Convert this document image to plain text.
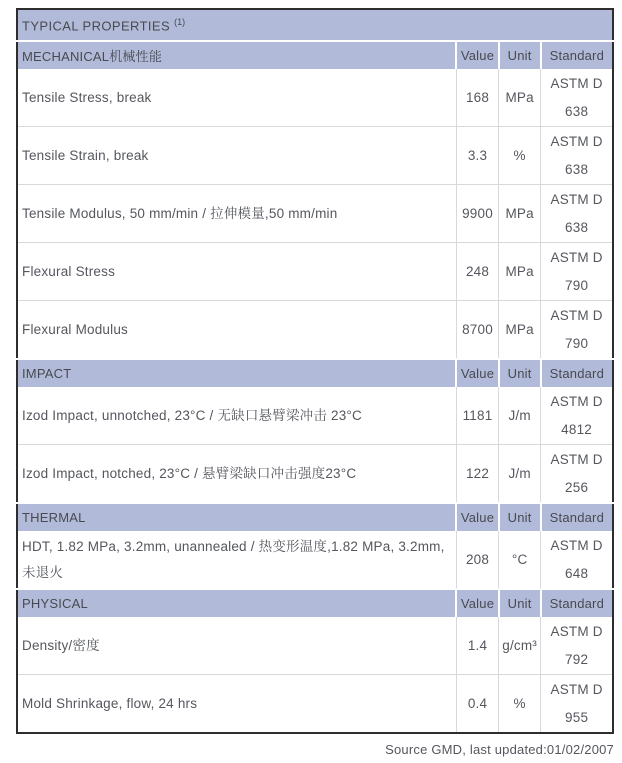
TYPICAL PROPERTIES $^{(1)}$
MECHANICAL机械性能	Value	Unit	Standard
Tensile Stress, break	168	MPa	ASTM D 638
Tensile Strain, break	3.3	%	ASTM D 638
Tensile Modulus, 50 mm/min / 拉伸模量,50 mm/min	9900	MPa	ASTM D 638
Flexural Stress	248	MPa	ASTM D 790
Flexural Modulus	8700	MPa	ASTM D 790
IMPACT	Value	Unit	Standard
Izod Impact, unnotched, 23°C / 无缺口悬臂梁冲击 23°C	1181	J/m	ASTM D 4812
Izod Impact, notched, 23°C / 悬臂梁缺口冲击强度23°C	122	J/m	ASTM D 256
THERMAL	Value	Unit	Standard
HDT, 1.82 MPa, 3.2mm, unannealed / 热变形温度,1.82 MPa, 3.2mm,未退火	208	°C	ASTM D 648
PHYSICAL	Value	Unit	Standard
Density/密度	1.4	g/cm³	ASTM D 792
Mold Shrinkage, flow, 24 hrs	0.4	%	ASTM D 955
Source GMD, last updated:01/02/2007
